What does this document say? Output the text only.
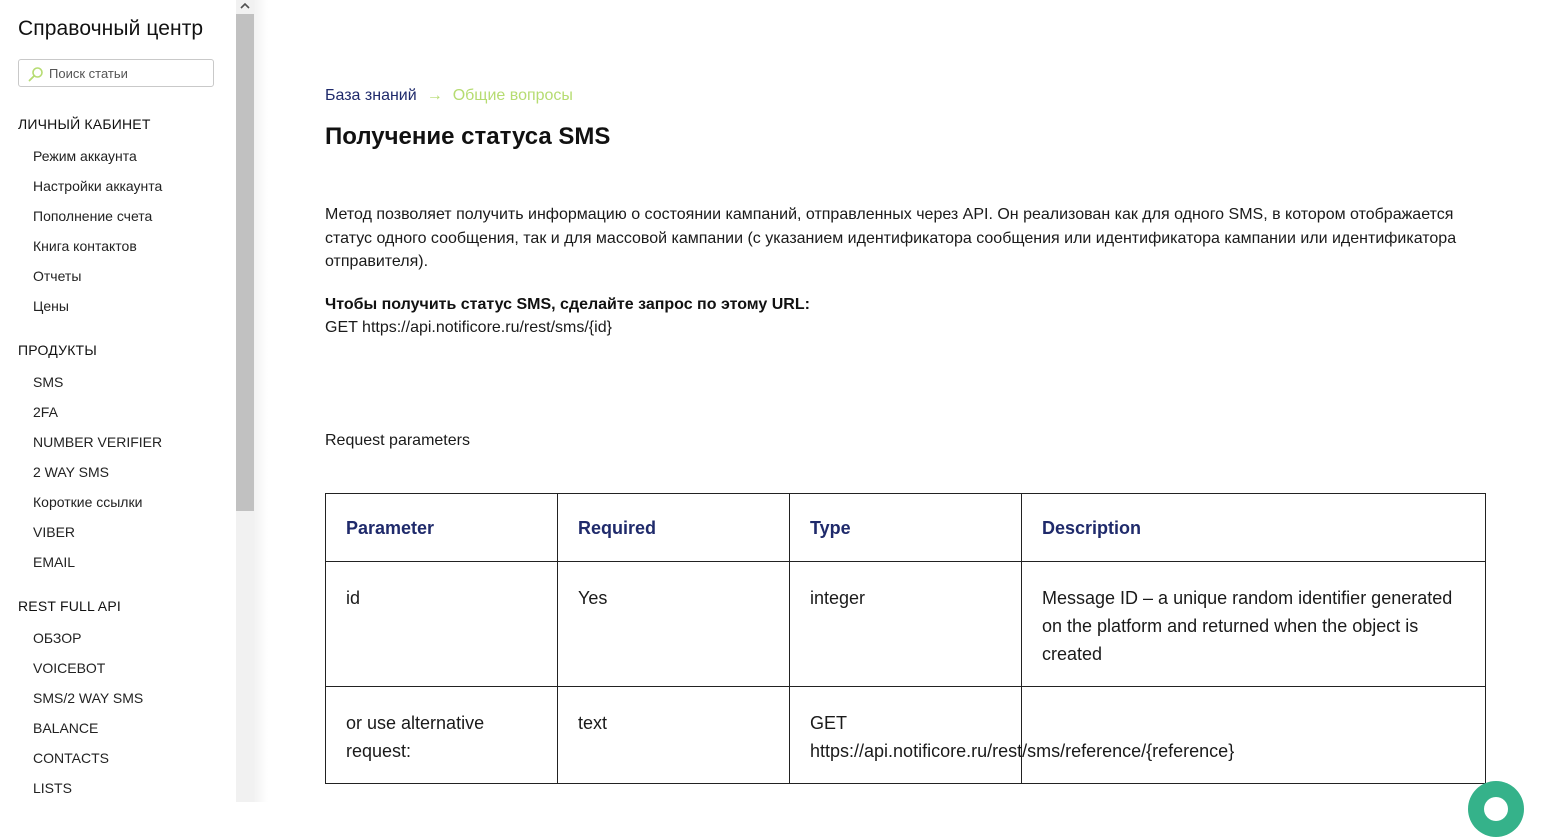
Справочный центр
Поиск статьи
ЛИЧНЫЙ КАБИНЕТ
Режим аккаунта
Настройки аккаунта
Пополнение счета
Книга контактов
Отчеты
Цены
ПРОДУКТЫ
SMS
2FA
NUMBER VERIFIER
2 WAY SMS
Короткие ссылки
VIBER
EMAIL
REST FULL API
ОБЗОР
VOICEBOT
SMS/2 WAY SMS
BALANCE
CONTACTS
LISTS
База знаний → Общие вопросы
Получение статуса SMS

Метод позволяет получить информацию о состоянии кампаний, отправленных через API. Он реализован как для одного SMS, в котором отображается статус одного сообщения, так и для массовой кампании (с указанием идентификатора сообщения или идентификатора кампании или идентификатора отправителя).

Чтобы получить статус SMS, сделайте запрос по этому URL:
GET https://api.notificore.ru/rest/sms/{id}
Request parameters
Parameter	Required	Type	Description
id	Yes	integer	Message ID – a unique random identifier generated on the platform and returned when the object is created
or use alternative request:	text	GET https://api.notificore.ru/rest/sms/reference/{reference}	
